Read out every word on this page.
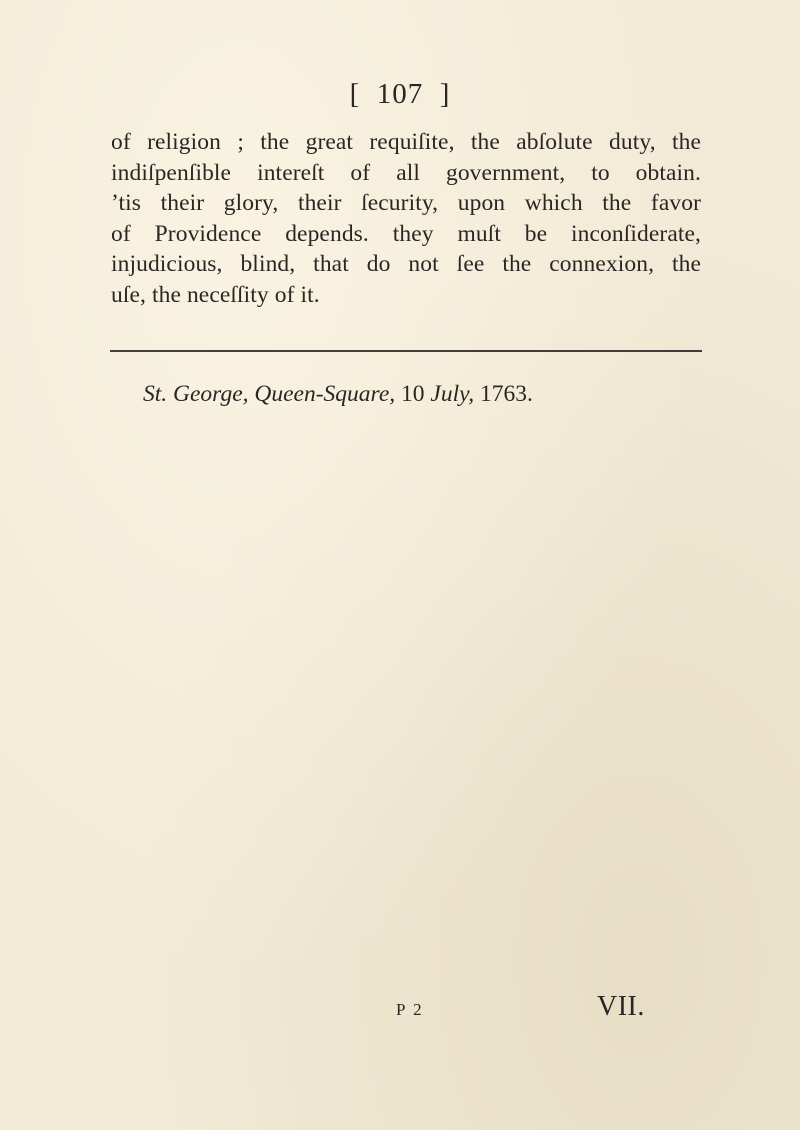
[  107  ]
of religion ; the great requiſite, the abſolute duty, the
indiſpenſible intereſt of all government, to obtain.
’tis their glory, their ſecurity, upon which the favor
of Providence depends. they muſt be inconſiderate,
injudicious, blind, that do not ſee the connexion, the
uſe, the neceſſity of it.
St. George, Queen-Square, 10 July, 1763.
P 2	VII.
